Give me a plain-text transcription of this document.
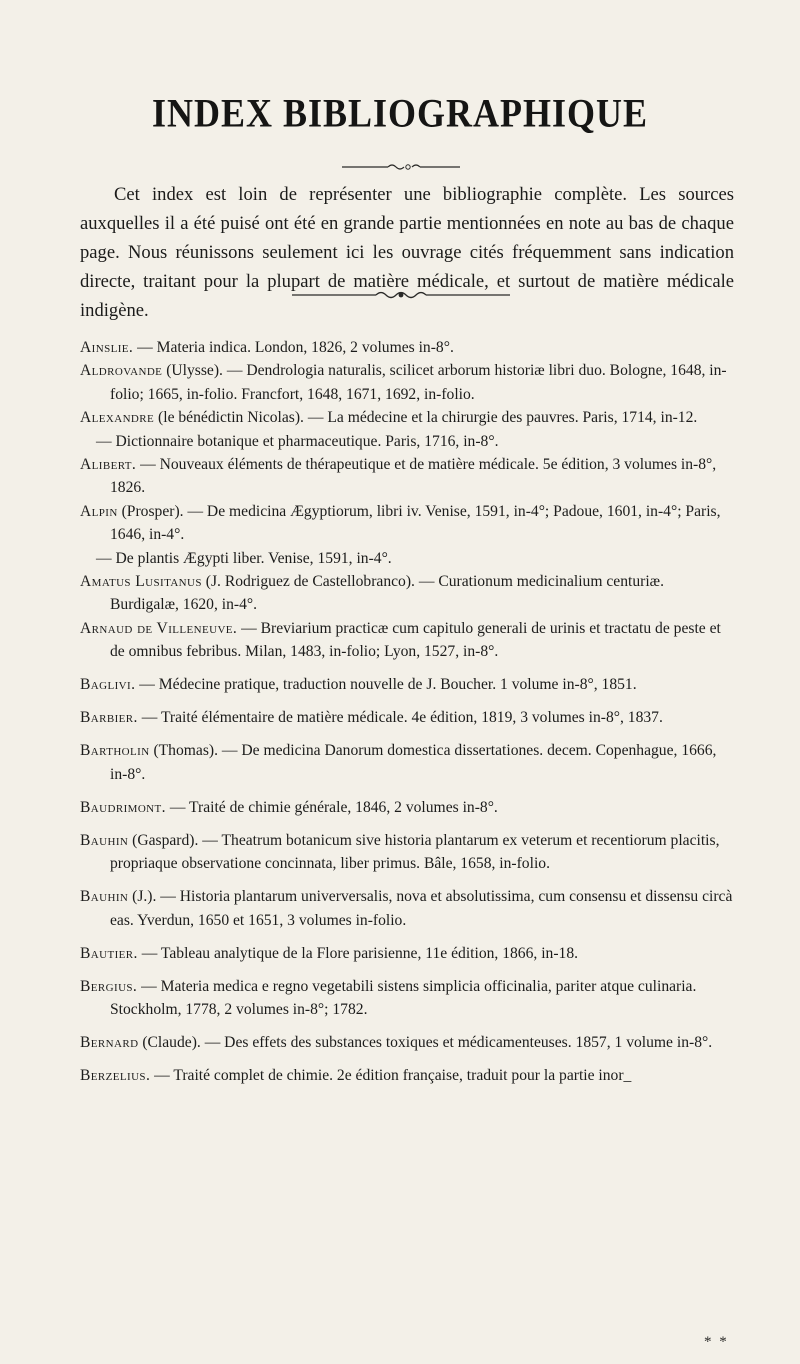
INDEX BIBLIOGRAPHIQUE

Cet index est loin de représenter une bibliographie complète. Les sources auxquelles il a été puisé ont été en grande partie mentionnées en note au bas de chaque page. Nous réunissons seulement ici les ouvrage cités fréquemment sans indication directe, traitant pour la plupart de matière médicale, et surtout de matière médicale indigène.

Ainslie. — Materia indica. London, 1826, 2 volumes in-8°.

Aldrovande (Ulysse). — Dendrologia naturalis, scilicet arborum historiæ libri duo. Bologne, 1648, in-folio; 1665, in-folio. Francfort, 1648, 1671, 1692, in-folio.

Alexandre (le bénédictin Nicolas). — La médecine et la chirurgie des pauvres. Paris, 1714, in-12.

— Dictionnaire botanique et pharmaceutique. Paris, 1716, in-8°.

Alibert. — Nouveaux éléments de thérapeutique et de matière médicale. 5e édition, 3 volumes in-8°, 1826.

Alpin (Prosper). — De medicina Ægyptiorum, libri iv. Venise, 1591, in-4°; Padoue, 1601, in-4°; Paris, 1646, in-4°.

— De plantis Ægypti liber. Venise, 1591, in-4°.

Amatus Lusitanus (J. Rodriguez de Castellobranco). — Curationum medicinalium centuriæ. Burdigalæ, 1620, in-4°.

Arnaud de Villeneuve. — Breviarium practicæ cum capitulo generali de urinis et tractatu de peste et de omnibus febribus. Milan, 1483, in-folio; Lyon, 1527, in-8°.

Baglivi. — Médecine pratique, traduction nouvelle de J. Boucher. 1 volume in-8°, 1851.

Barbier. — Traité élémentaire de matière médicale. 4e édition, 1819, 3 volumes in-8°, 1837.

Bartholin (Thomas). — De medicina Danorum domestica dissertationes. decem. Copenhague, 1666, in-8°.

Baudrimont. — Traité de chimie générale, 1846, 2 volumes in-8°.

Bauhin (Gaspard). — Theatrum botanicum sive historia plantarum ex veterum et recentiorum placitis, propriaque observatione concinnata, liber primus. Bâle, 1658, in-folio.

Bauhin (J.). — Historia plantarum univerversalis, nova et absolutissima, cum consensu et dissensu circà eas. Yverdun, 1650 et 1651, 3 volumes in-folio.

Bautier. — Tableau analytique de la Flore parisienne, 11e édition, 1866, in-18.

Bergius. — Materia medica e regno vegetabili sistens simplicia officinalia, pariter atque culinaria. Stockholm, 1778, 2 volumes in-8°; 1782.

Bernard (Claude). — Des effets des substances toxiques et médicamenteuses. 1857, 1 volume in-8°.

Berzelius. — Traité complet de chimie. 2e édition française, traduit pour la partie inor_

* *
